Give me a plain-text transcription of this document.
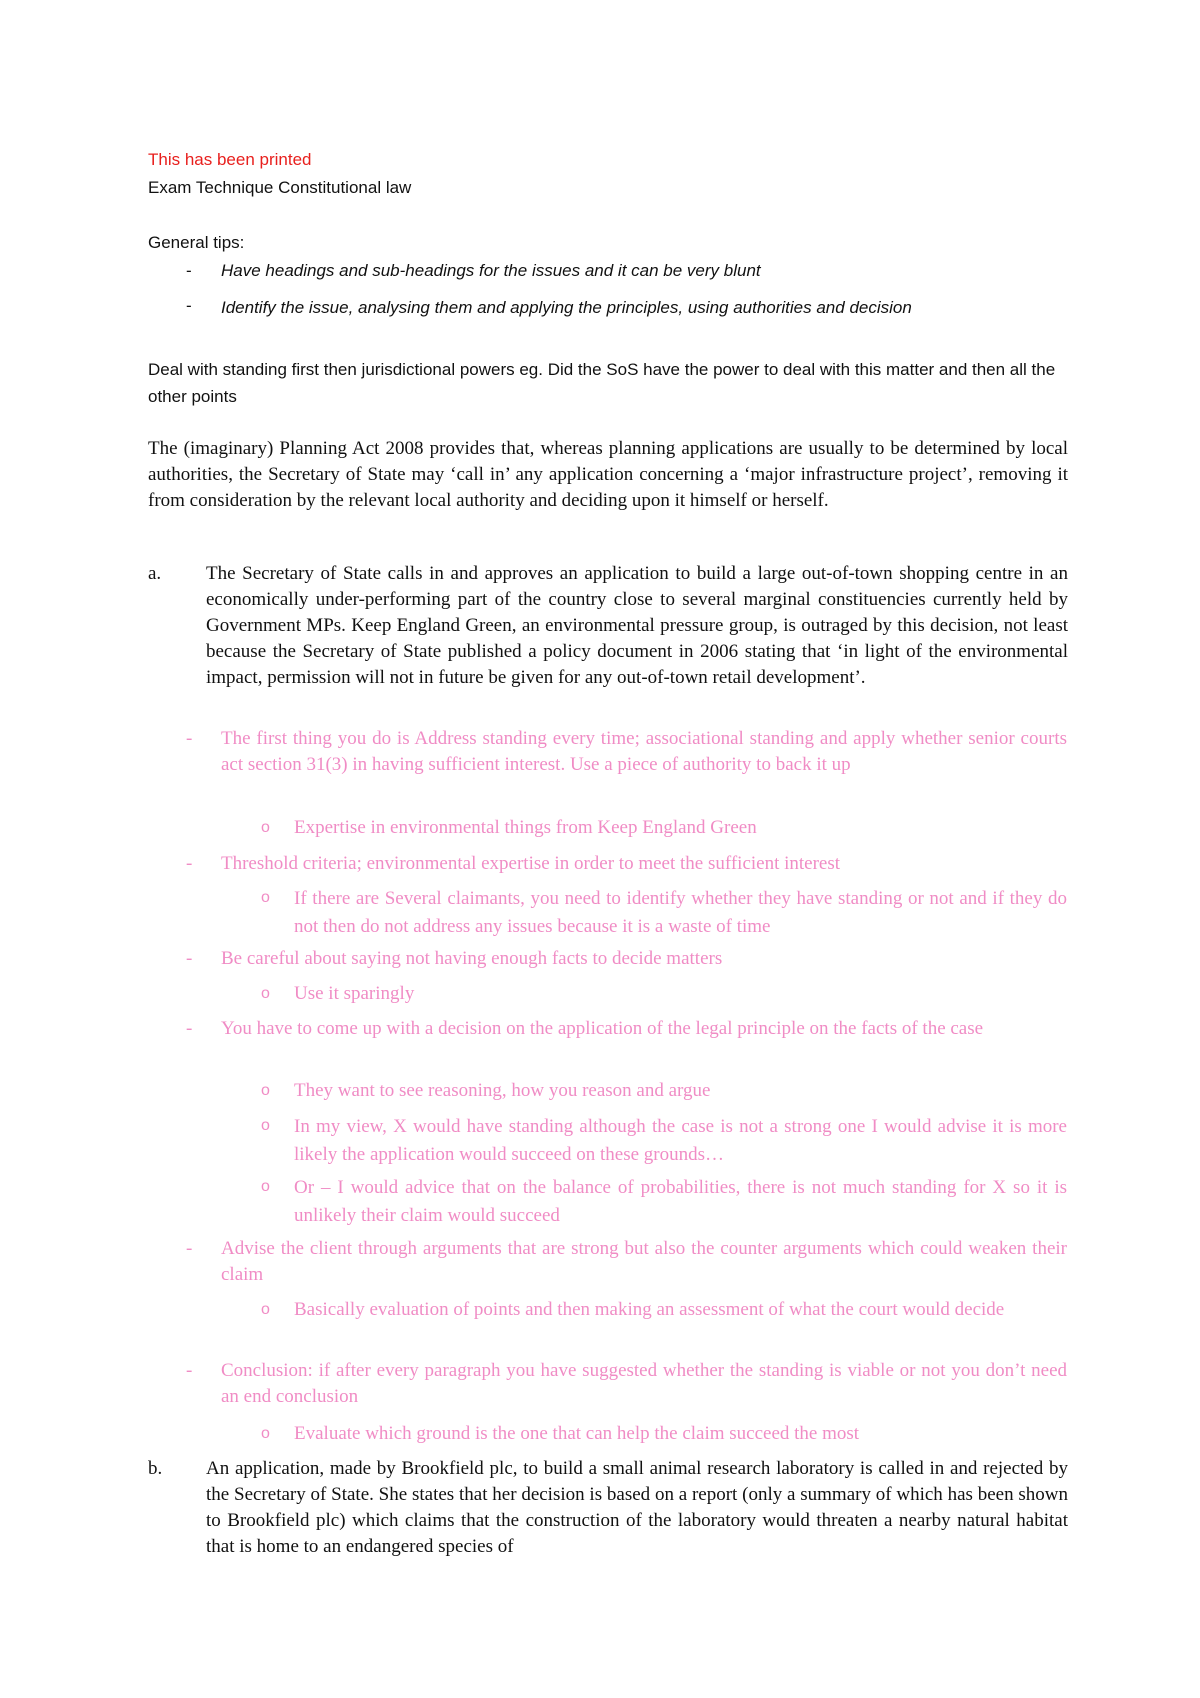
This has been printed

Exam Technique Constitutional law

General tips:

- Have headings and sub-headings for the issues and it can be very blunt

- Identify the issue, analysing them and applying the principles, using authorities and decision

Deal with standing first then jurisdictional powers eg. Did the SoS have the power to deal with this matter and then all the other points

The (imaginary) Planning Act 2008 provides that, whereas planning applications are usually to be determined by local authorities, the Secretary of State may ‘call in’ any application concerning a ‘major infrastructure project’, removing it from consideration by the relevant local authority and deciding upon it himself or herself.

a. The Secretary of State calls in and approves an application to build a large out-of-town shopping centre in an economically under-performing part of the country close to several marginal constituencies currently held by Government MPs. Keep England Green, an environmental pressure group, is outraged by this decision, not least because the Secretary of State published a policy document in 2006 stating that ‘in light of the environmental impact, permission will not in future be given for any out-of-town retail development’.

- The first thing you do is Address standing every time; associational standing and apply whether senior courts act section 31(3) in having sufficient interest. Use a piece of authority to back it up

o Expertise in environmental things from Keep England Green

- Threshold criteria; environmental expertise in order to meet the sufficient interest

o If there are Several claimants, you need to identify whether they have standing or not and if they do not then do not address any issues because it is a waste of time

- Be careful about saying not having enough facts to decide matters

o Use it sparingly

- You have to come up with a decision on the application of the legal principle on the facts of the case

o They want to see reasoning, how you reason and argue

o In my view, X would have standing although the case is not a strong one I would advise it is more likely the application would succeed on these grounds…

o Or – I would advice that on the balance of probabilities, there is not much standing for X so it is unlikely their claim would succeed

- Advise the client through arguments that are strong but also the counter arguments which could weaken their claim

o Basically evaluation of points and then making an assessment of what the court would decide

- Conclusion: if after every paragraph you have suggested whether the standing is viable or not you don’t need an end conclusion

o Evaluate which ground is the one that can help the claim succeed the most

b. An application, made by Brookfield plc, to build a small animal research laboratory is called in and rejected by the Secretary of State. She states that her decision is based on a report (only a summary of which has been shown to Brookfield plc) which claims that the construction of the laboratory would threaten a nearby natural habitat that is home to an endangered species of
